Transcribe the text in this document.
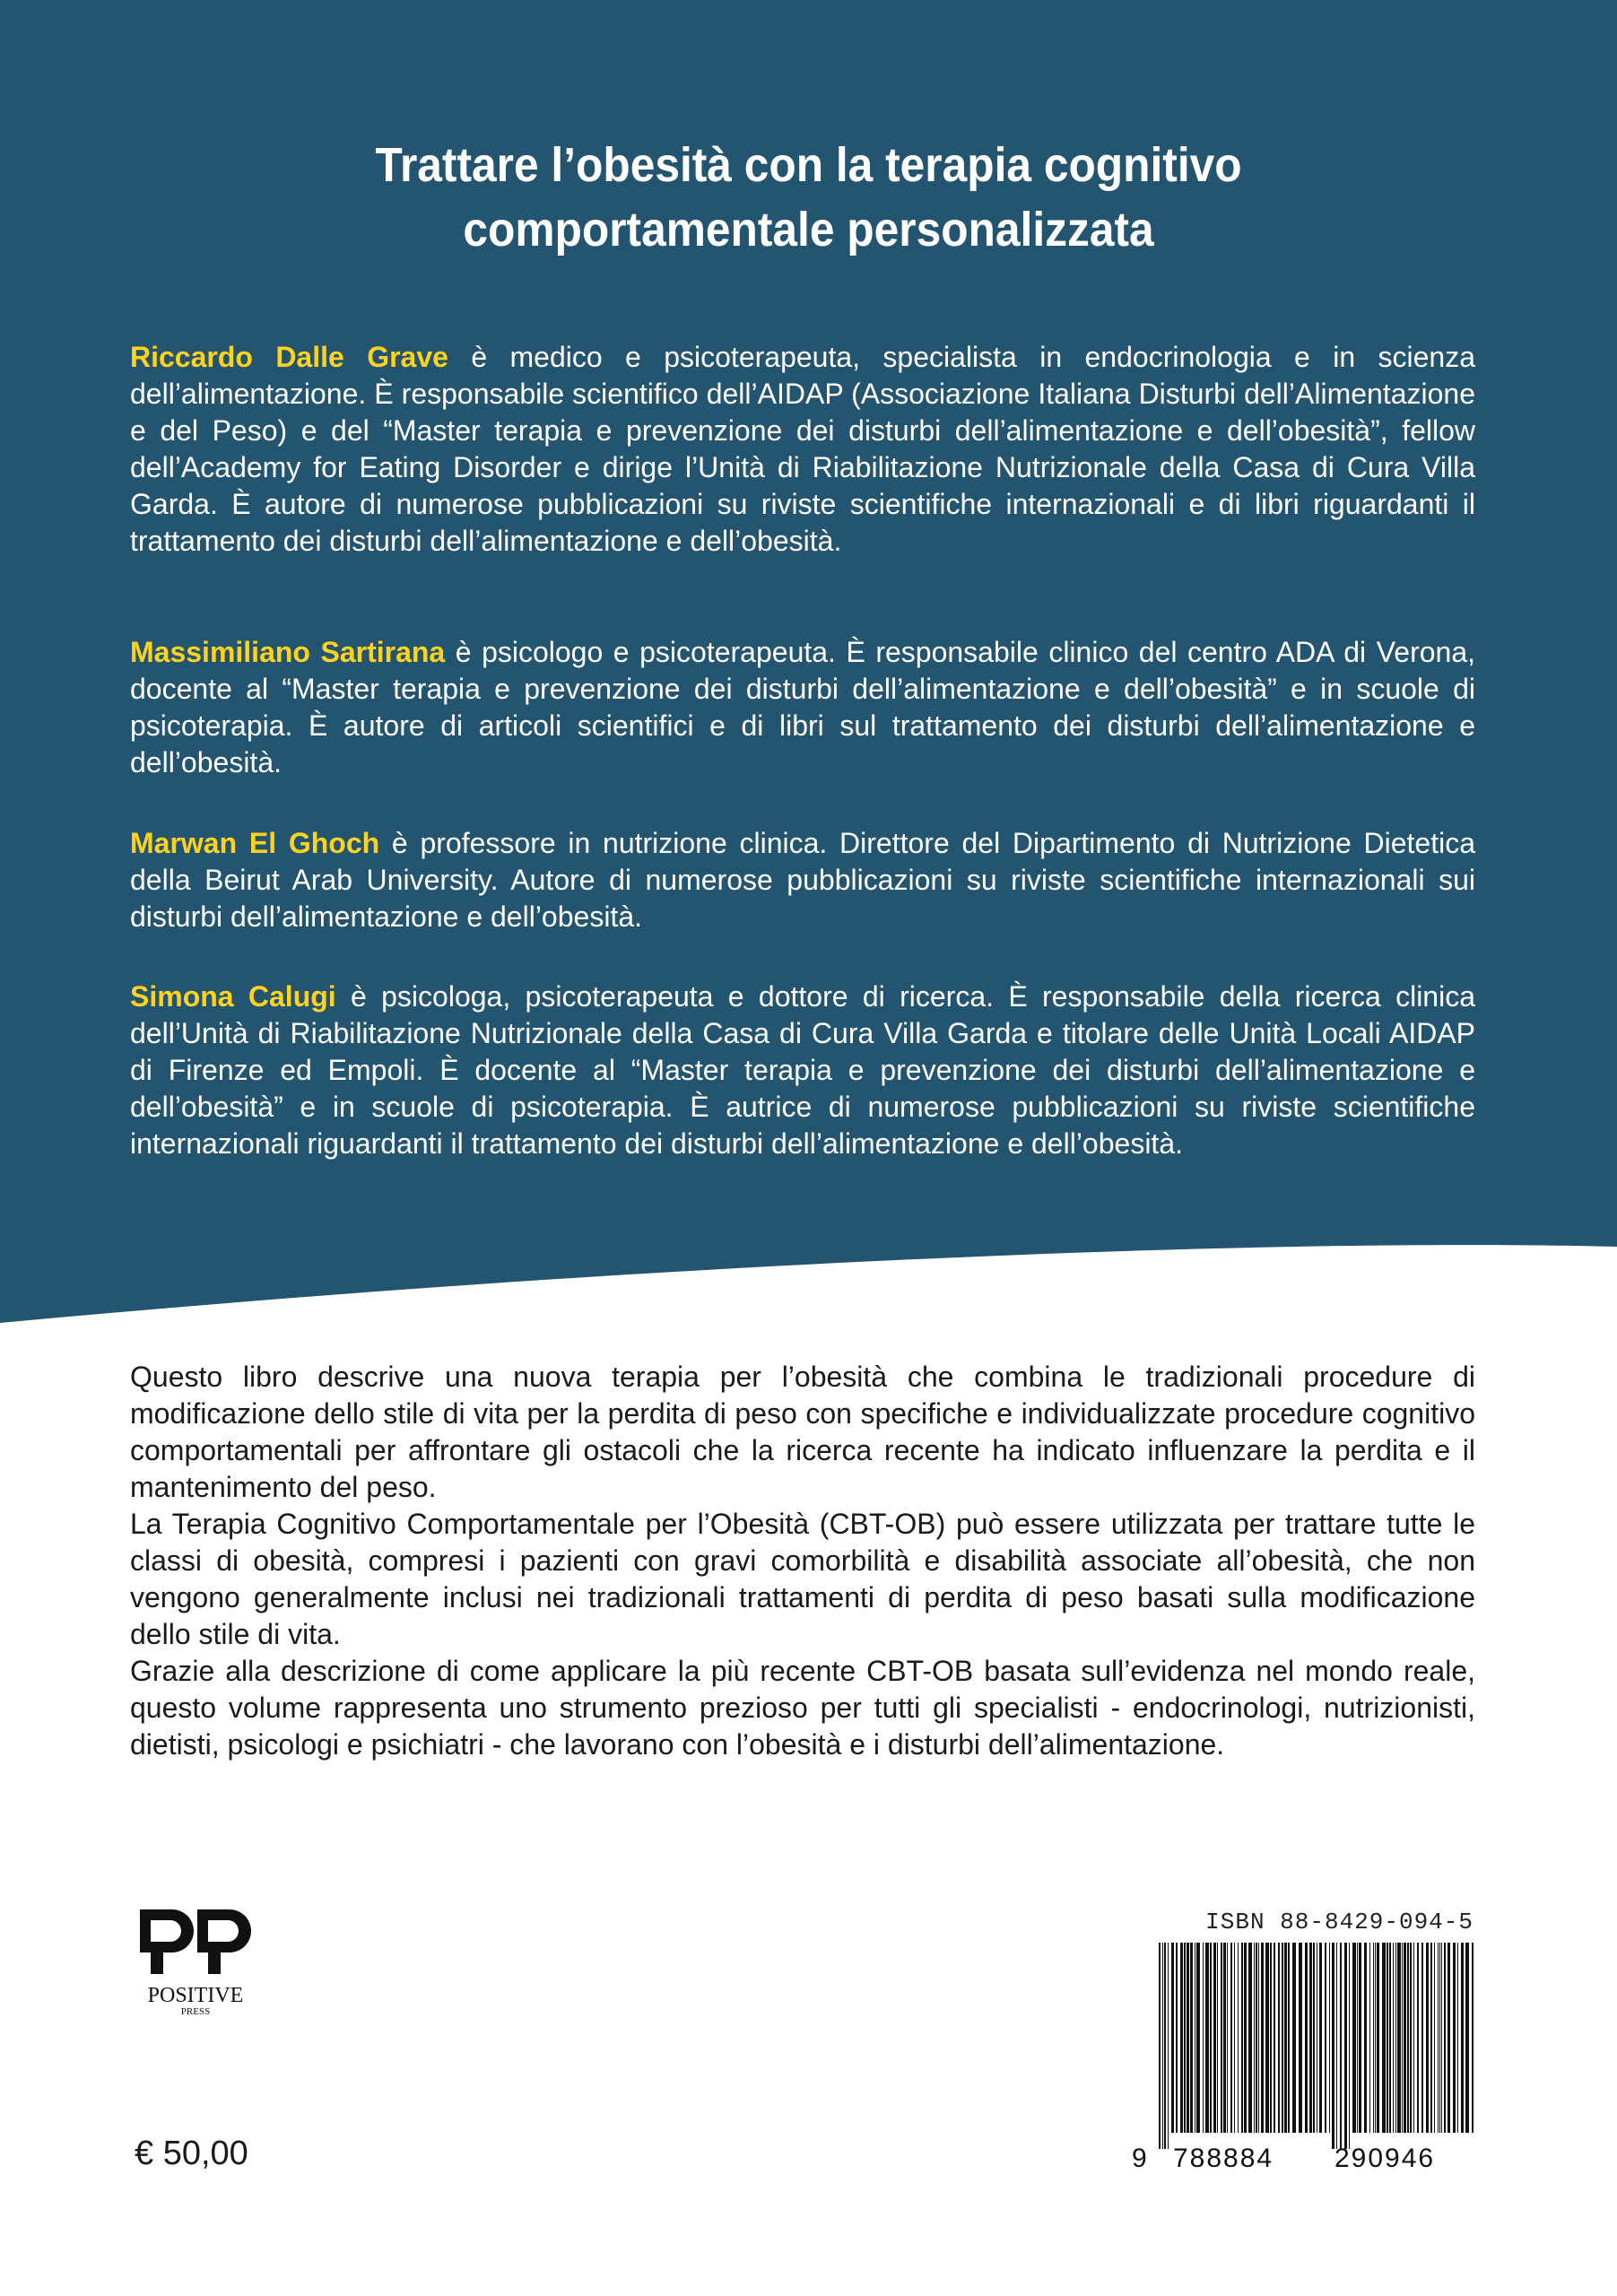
Trattare l’obesità con la terapia cognitivo
comportamentale personalizzata

Riccardo Dalle Grave è medico e psicoterapeuta, specialista in endocrinologia e in scienza dell’alimentazione. È responsabile scientifico dell’AIDAP (Associazione Italiana Disturbi dell’Alimentazione e del Peso) e del “Master terapia e prevenzione dei disturbi dell’alimentazione e dell’obesità”, fellow dell’Academy for Eating Disorder e dirige l’Unità di Riabilitazione Nutrizionale della Casa di Cura Villa Garda. È autore di numerose pubblicazioni su riviste scientifiche internazionali e di libri riguardanti il trattamento dei disturbi dell’alimentazione e dell’obesità.

Massimiliano Sartirana è psicologo e psicoterapeuta. È responsabile clinico del centro ADA di Verona, docente al “Master terapia e prevenzione dei disturbi dell’alimentazione e dell’obesità” e in scuole di psicoterapia. È autore di articoli scientifici e di libri sul trattamento dei disturbi dell’alimentazione e dell’obesità.

Marwan El Ghoch è professore in nutrizione clinica. Direttore del Dipartimento di Nutrizione Dietetica della Beirut Arab University. Autore di numerose pubblicazioni su riviste scientifiche internazionali sui disturbi dell’alimentazione e dell’obesità.

Simona Calugi è psicologa, psicoterapeuta e dottore di ricerca. È responsabile della ricerca clinica dell’Unità di Riabilitazione Nutrizionale della Casa di Cura Villa Garda e titolare delle Unità Locali AIDAP di Firenze ed Empoli. È docente al “Master terapia e prevenzione dei disturbi dell’alimentazione e dell’obesità” e in scuole di psicoterapia. È autrice di numerose pubblicazioni su riviste scientifiche internazionali riguardanti il trattamento dei disturbi dell’alimentazione e dell’obesità.

Questo libro descrive una nuova terapia per l’obesità che combina le tradizionali procedure di modificazione dello stile di vita per la perdita di peso con specifiche e individualizzate procedure cognitivo comportamentali per affrontare gli ostacoli che la ricerca recente ha indicato influenzare la perdita e il mantenimento del peso.

La Terapia Cognitivo Comportamentale per l’Obesità (CBT-OB) può essere utilizzata per trattare tutte le classi di obesità, compresi i pazienti con gravi comorbilità e disabilità associate all’obesità, che non vengono generalmente inclusi nei tradizionali trattamenti di perdita di peso basati sulla modificazione dello stile di vita.

Grazie alla descrizione di come applicare la più recente CBT-OB basata sull’evidenza nel mondo reale, questo volume rappresenta uno strumento prezioso per tutti gli specialisti - endocrinologi, nutrizionisti, dietisti, psicologi e psichiatri - che lavorano con l’obesità e i disturbi dell’alimentazione.

POSITIVE
PRESS
€ 50,00
ISBN 88-8429-094-5
9 788884 290946
